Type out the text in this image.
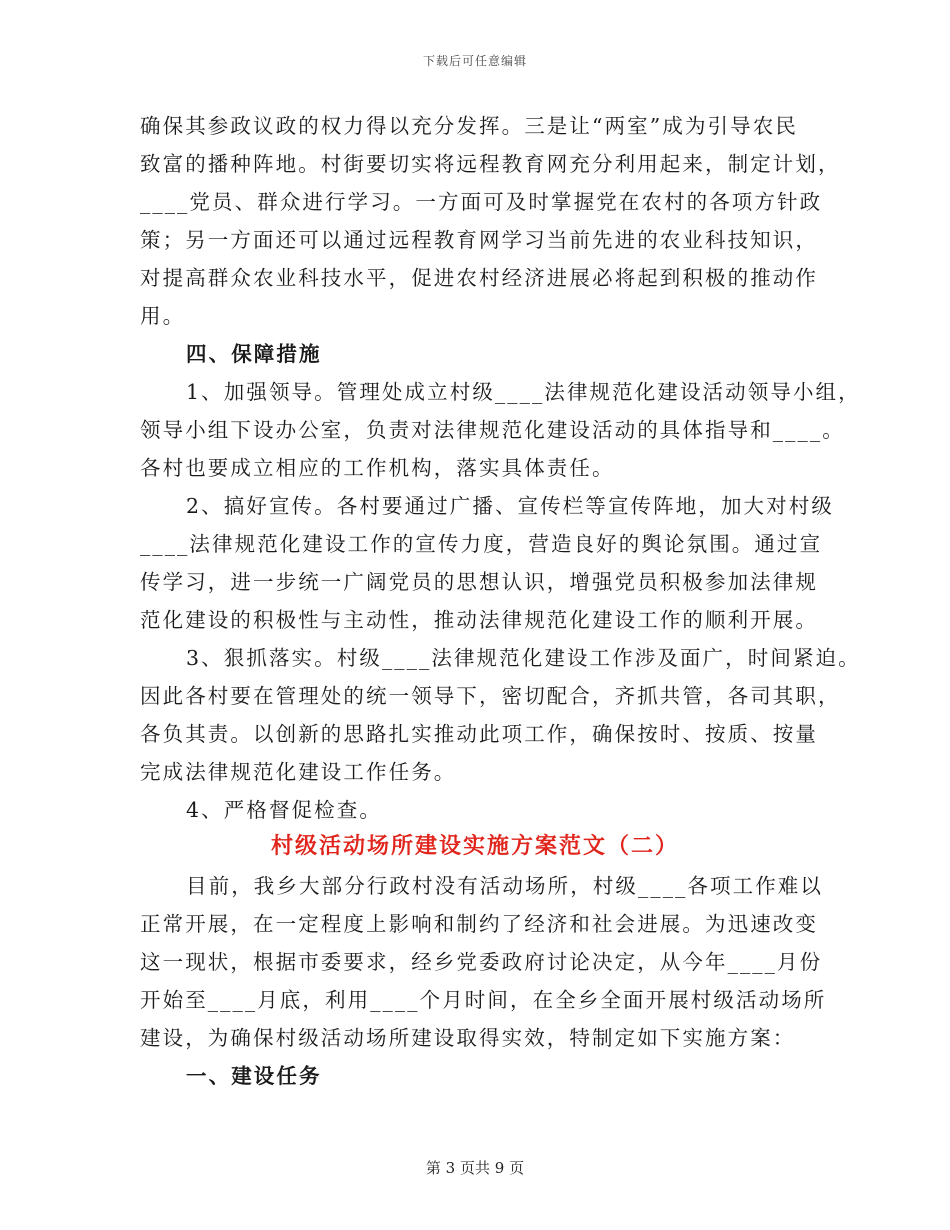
下载后可任意编辑
确保其参政议政的权力得以充分发挥。三是让“两室”成为引导农民
致富的播种阵地。村街要切实将远程教育网充分利用起来，制定计划，
____党员、群众进行学习。一方面可及时掌握党在农村的各项方针政
策；另一方面还可以通过远程教育网学习当前先进的农业科技知识，
对提高群众农业科技水平，促进农村经济进展必将起到积极的推动作
用。
四、保障措施
1、加强领导。管理处成立村级____法律规范化建设活动领导小组，
领导小组下设办公室，负责对法律规范化建设活动的具体指导和____。
各村也要成立相应的工作机构，落实具体责任。
2、搞好宣传。各村要通过广播、宣传栏等宣传阵地，加大对村级
____法律规范化建设工作的宣传力度，营造良好的舆论氛围。通过宣
传学习，进一步统一广阔党员的思想认识，增强党员积极参加法律规
范化建设的积极性与主动性，推动法律规范化建设工作的顺利开展。
3、狠抓落实。村级____法律规范化建设工作涉及面广，时间紧迫。
因此各村要在管理处的统一领导下，密切配合，齐抓共管，各司其职，
各负其责。以创新的思路扎实推动此项工作，确保按时、按质、按量
完成法律规范化建设工作任务。
4、严格督促检查。
村级活动场所建设实施方案范文（二）
目前，我乡大部分行政村没有活动场所，村级____各项工作难以
正常开展，在一定程度上影响和制约了经济和社会进展。为迅速改变
这一现状，根据市委要求，经乡党委政府讨论决定，从今年____月份
开始至____月底，利用____个月时间，在全乡全面开展村级活动场所
建设，为确保村级活动场所建设取得实效，特制定如下实施方案：
一、建设任务
第 3 页共 9 页
